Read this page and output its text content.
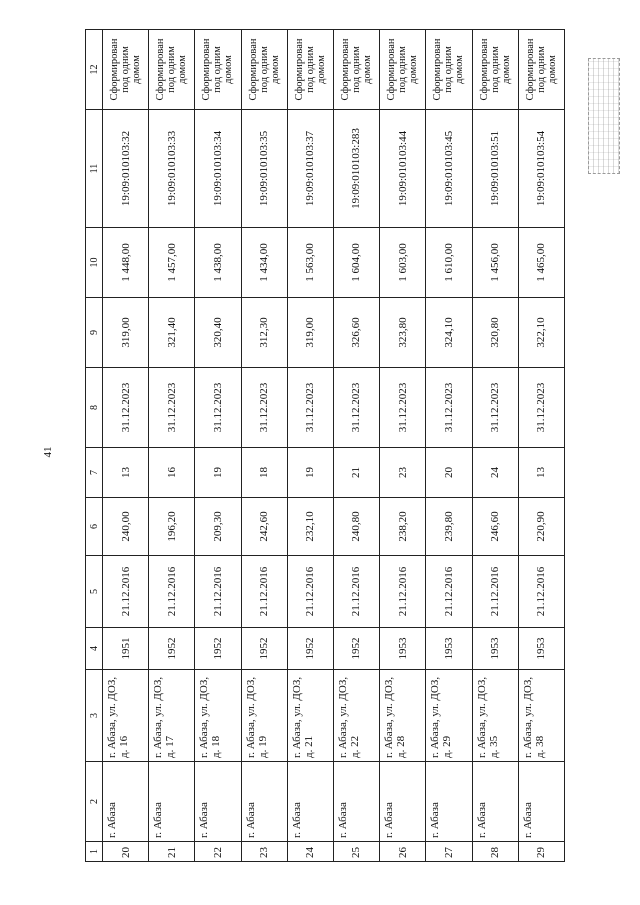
41
1	2	3	4	5	6	7	8	9	10	11	12
20	г. Абаза	г. Абаза, ул. ДОЗ, д. 16	1951	21.12.2016	240,00	13	31.12.2023	319,00	1 448,00	19:09:010103:32	Сформирован под одним домом
21	г. Абаза	г. Абаза, ул. ДОЗ, д. 17	1952	21.12.2016	196,20	16	31.12.2023	321,40	1 457,00	19:09:010103:33	Сформирован под одним домом
22	г. Абаза	г. Абаза, ул. ДОЗ, д. 18	1952	21.12.2016	209,30	19	31.12.2023	320,40	1 438,00	19:09:010103:34	Сформирован под одним домом
23	г. Абаза	г. Абаза, ул. ДОЗ, д. 19	1952	21.12.2016	242,60	18	31.12.2023	312,30	1 434,00	19:09:010103:35	Сформирован под одним домом
24	г. Абаза	г. Абаза, ул. ДОЗ, д. 21	1952	21.12.2016	232,10	19	31.12.2023	319,00	1 563,00	19:09:010103:37	Сформирован под одним домом
25	г. Абаза	г. Абаза, ул. ДОЗ, д. 22	1952	21.12.2016	240,80	21	31.12.2023	326,60	1 604,00	19:09:010103:283	Сформирован под одним домом
26	г. Абаза	г. Абаза, ул. ДОЗ, д. 28	1953	21.12.2016	238,20	23	31.12.2023	323,80	1 603,00	19:09:010103:44	Сформирован под одним домом
27	г. Абаза	г. Абаза, ул. ДОЗ, д. 29	1953	21.12.2016	239,80	20	31.12.2023	324,10	1 610,00	19:09:010103:45	Сформирован под одним домом
28	г. Абаза	г. Абаза, ул. ДОЗ, д. 35	1953	21.12.2016	246,60	24	31.12.2023	320,80	1 456,00	19:09:010103:51	Сформирован под одним домом
29	г. Абаза	г. Абаза, ул. ДОЗ, д. 38	1953	21.12.2016	220,90	13	31.12.2023	322,10	1 465,00	19:09:010103:54	Сформирован под одним домом
